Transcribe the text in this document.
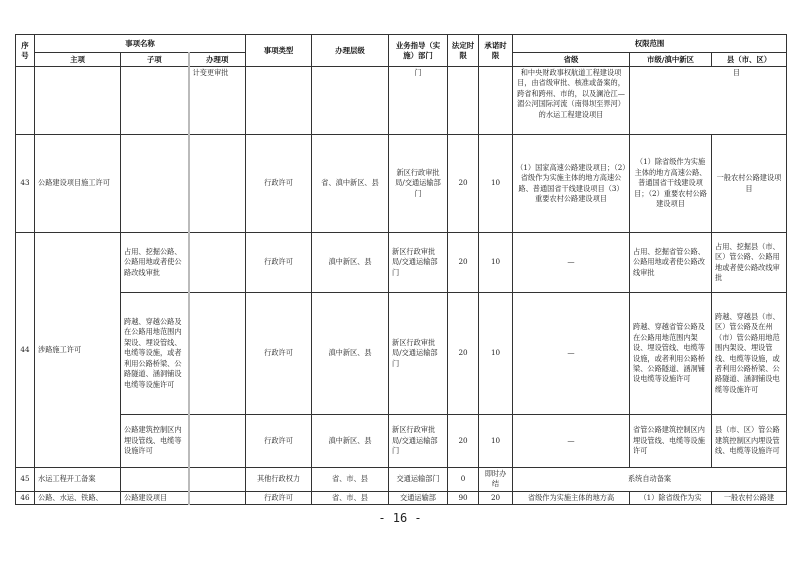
序
号	事项名称			事项类型	办理层级	业务指导（实施）部门	法定时限	承诺时限	权限范围		
	主项	子项	办理项						省级	市级/滇中新区	县（市、区）
			计变更审批			门			和中央财政事权航道工程建设项目，由省级审批、核准或备案的，跨省和跨州、市的，以及澜沧江—湄公河国际河流（南得坝至界河）的水运工程建设项目	目	
43	公路建设项目施工许可			行政许可	省、滇中新区、县	新区行政审批局/交通运输部门	20	10	（1）国家高速公路建设项目；（2）省级作为实施主体的地方高速公路、普通国省干线建设项目（3）重要农村公路建设项目	（1）除省级作为实施主体的地方高速公路、普通国省干线建设项目；（2）重要农村公路建设项目	一般农村公路建设项目
44	涉路施工许可	占用、挖掘公路、公路用地或者使公路改线审批		行政许可	滇中新区、县	新区行政审批局/交通运输部门	20	10	—	占用、挖掘省管公路、公路用地或者使公路改线审批	占用、挖掘县（市、区）管公路、公路用地或者使公路改线审批
		跨越、穿越公路及在公路用地范围内架设、埋设管线、电缆等设施，或者利用公路桥梁、公路隧道、涵洞铺设电缆等设施许可		行政许可	滇中新区、县	新区行政审批局/交通运输部门	20	10	—	跨越、穿越省管公路及在公路用地范围内架设、埋设管线、电缆等设施，或者利用公路桥梁、公路隧道、涵洞铺设电缆等设施许可	跨越、穿越县（市、区）管公路及在州（市）管公路用地范围内架设、埋设管线、电缆等设施，或者利用公路桥梁、公路隧道、涵洞铺设电缆等设施许可
		公路建筑控制区内埋设管线、电缆等设施许可		行政许可	滇中新区、县	新区行政审批局/交通运输部门	20	10	—	省管公路建筑控制区内埋设管线、电缆等设施许可	县（市、区）管公路建筑控制区内埋设管线、电缆等设施许可
45	水运工程开工备案			其他行政权力	省、市、县	交通运输部门	0	即时办结	系统自动备案		
46	公路、水运、铁路、	公路建设项目		行政许可	省、市、县	交通运输部	90	20	省级作为实施主体的地方高	（1）除省级作为实	一般农村公路建
- 16 -
